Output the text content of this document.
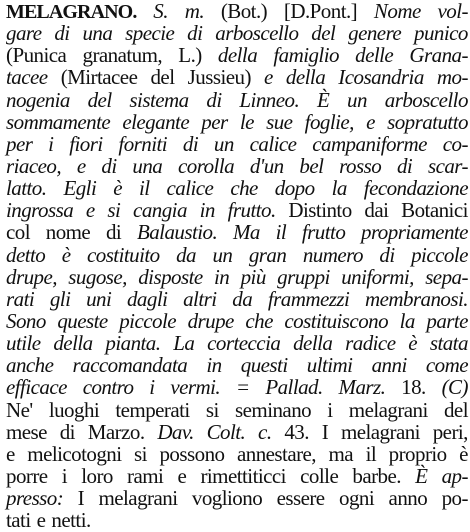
MELAGRANO. S. m. (Bot.) [D.Pont.] Nome vol-
gare di una specie di arboscello del genere punico
(Punica granatum, L.) della famiglio delle Grana-
tacee (Mirtacee del Jussieu) e della Icosandria mo-
nogenia del sistema di Linneo. È un arboscello
sommamente elegante per le sue foglie, e sopratutto
per i fiori forniti di un calice campaniforme co-
riaceo, e di una corolla d'un bel rosso di scar-
latto. Egli è il calice che dopo la fecondazione
ingrossa e si cangia in frutto. Distinto dai Botanici
col nome di Balaustio. Ma il frutto propriamente
detto è costituito da un gran numero di piccole
drupe, sugose, disposte in più gruppi uniformi, sepa-
rati gli uni dagli altri da frammezzi membranosi.
Sono queste piccole drupe che costituiscono la parte
utile della pianta. La corteccia della radice è stata
anche raccomandata in questi ultimi anni come
efficace contro i vermi. = Pallad. Marz. 18. (C)
Ne' luoghi temperati si seminano i melagrani del
mese di Marzo. Dav. Colt. c. 43. I melagrani peri,
e melicotogni si possono annestare, ma il proprio è
porre i loro rami e rimettiticci colle barbe. È ap-
presso: I melagrani vogliono essere ogni anno po-
tati e netti.
